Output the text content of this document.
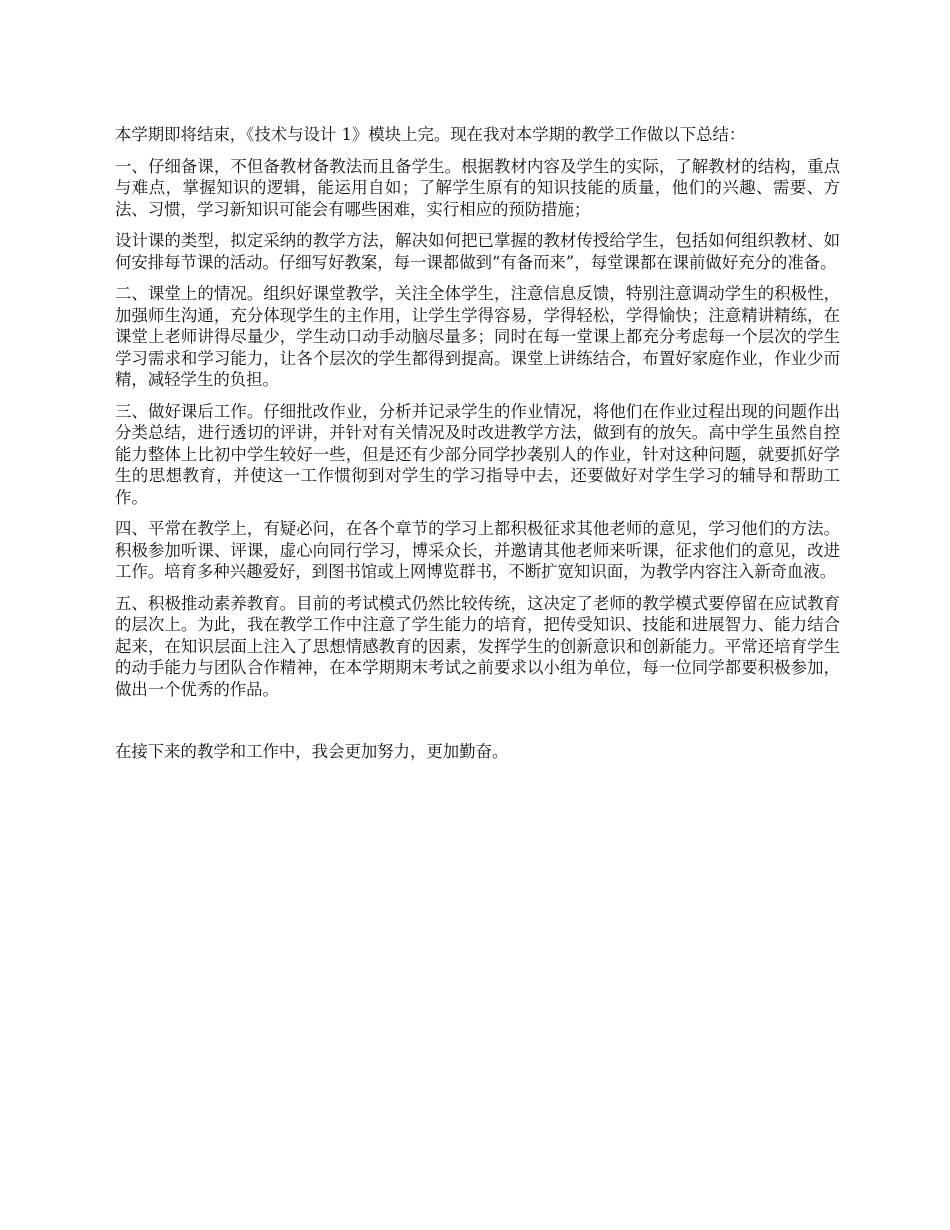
本学期即将结束，《技术与设计 1》模块上完。现在我对本学期的教学工作做以下总结：

一、仔细备课，不但备教材备教法而且备学生。根据教材内容及学生的实际，了解教材的结构，重点与难点，掌握知识的逻辑，能运用自如；了解学生原有的知识技能的质量，他们的兴趣、需要、方法、习惯，学习新知识可能会有哪些困难，实行相应的预防措施；

设计课的类型，拟定采纳的教学方法，解决如何把已掌握的教材传授给学生，包括如何组织教材、如何安排每节课的活动。仔细写好教案，每一课都做到“有备而来”，每堂课都在课前做好充分的准备。

二、课堂上的情况。组织好课堂教学，关注全体学生，注意信息反馈，特别注意调动学生的积极性，加强师生沟通，充分体现学生的主作用，让学生学得容易，学得轻松，学得愉快；注意精讲精练，在课堂上老师讲得尽量少，学生动口动手动脑尽量多；同时在每一堂课上都充分考虑每一个层次的学生学习需求和学习能力，让各个层次的学生都得到提高。课堂上讲练结合，布置好家庭作业，作业少而精，减轻学生的负担。

三、做好课后工作。仔细批改作业，分析并记录学生的作业情况，将他们在作业过程出现的问题作出分类总结，进行透切的评讲，并针对有关情况及时改进教学方法，做到有的放矢。高中学生虽然自控能力整体上比初中学生较好一些，但是还有少部分同学抄袭别人的作业，针对这种问题，就要抓好学生的思想教育，并使这一工作惯彻到对学生的学习指导中去，还要做好对学生学习的辅导和帮助工作。

四、平常在教学上，有疑必问，在各个章节的学习上都积极征求其他老师的意见，学习他们的方法。积极参加听课、评课，虚心向同行学习，博采众长，并邀请其他老师来听课，征求他们的意见，改进工作。培育多种兴趣爱好，到图书馆或上网博览群书，不断扩宽知识面，为教学内容注入新奇血液。

五、积极推动素养教育。目前的考试模式仍然比较传统，这决定了老师的教学模式要停留在应试教育的层次上。为此，我在教学工作中注意了学生能力的培育，把传受知识、技能和进展智力、能力结合起来，在知识层面上注入了思想情感教育的因素，发挥学生的创新意识和创新能力。平常还培育学生的动手能力与团队合作精神，在本学期期末考试之前要求以小组为单位，每一位同学都要积极参加，做出一个优秀的作品。

在接下来的教学和工作中，我会更加努力，更加勤奋。
